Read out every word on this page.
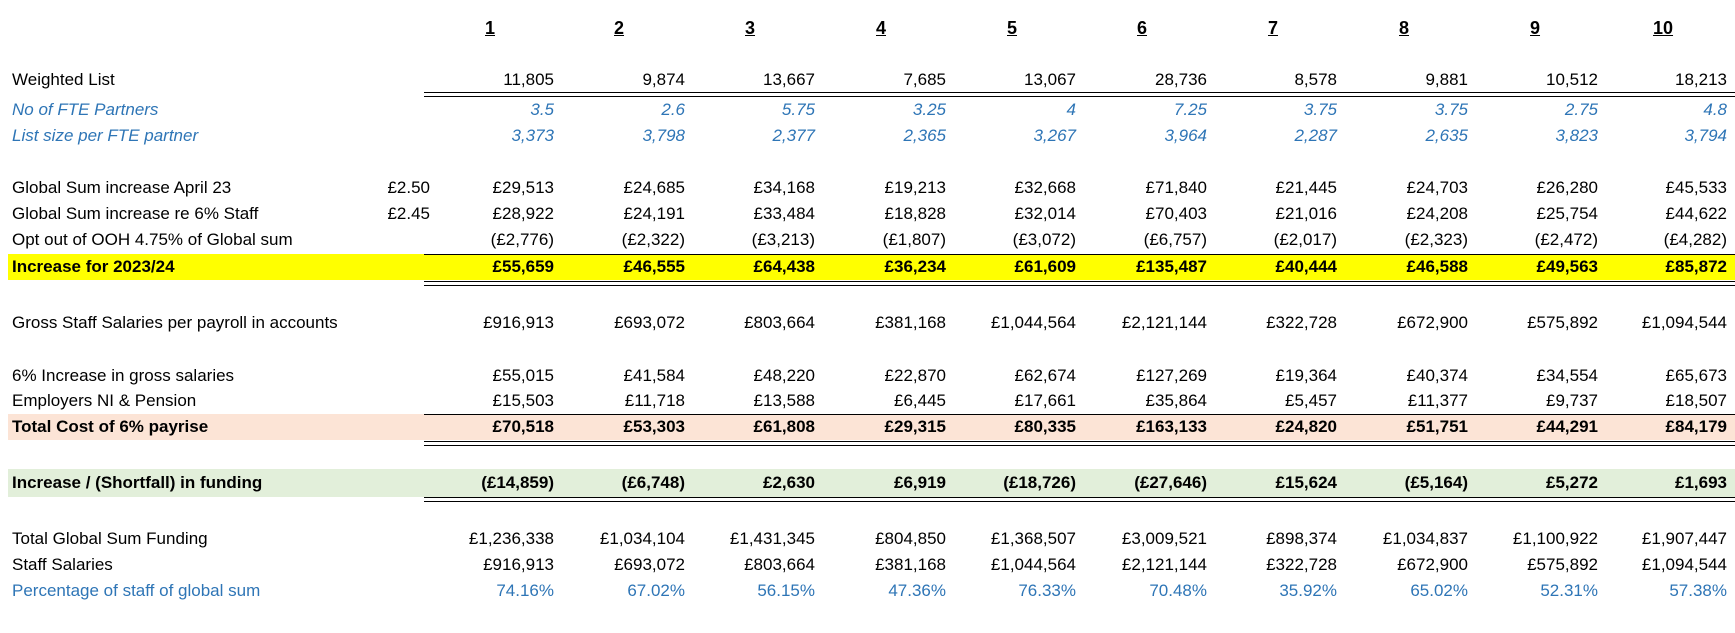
1	2	3	4	5	6	7	8	9	10
Weighted List	11,805	9,874	13,667	7,685	13,067	28,736	8,578	9,881	10,512	18,213
No of FTE Partners	3.5	2.6	5.75	3.25	4	7.25	3.75	3.75	2.75	4.8
List size per FTE partner	3,373	3,798	2,377	2,365	3,267	3,964	2,287	2,635	3,823	3,794
Global Sum increase April 23	£2.50	£29,513	£24,685	£34,168	£19,213	£32,668	£71,840	£21,445	£24,703	£26,280	£45,533
Global Sum increase re 6% Staff	£2.45	£28,922	£24,191	£33,484	£18,828	£32,014	£70,403	£21,016	£24,208	£25,754	£44,622
Opt out of OOH 4.75% of Global sum	(£2,776)	(£2,322)	(£3,213)	(£1,807)	(£3,072)	(£6,757)	(£2,017)	(£2,323)	(£2,472)	(£4,282)
Increase for 2023/24	£55,659	£46,555	£64,438	£36,234	£61,609	£135,487	£40,444	£46,588	£49,563	£85,872
Gross Staff Salaries per payroll in accounts	£916,913	£693,072	£803,664	£381,168	£1,044,564	£2,121,144	£322,728	£672,900	£575,892	£1,094,544
6% Increase in gross salaries	£55,015	£41,584	£48,220	£22,870	£62,674	£127,269	£19,364	£40,374	£34,554	£65,673
Employers NI & Pension	£15,503	£11,718	£13,588	£6,445	£17,661	£35,864	£5,457	£11,377	£9,737	£18,507
Total Cost of 6% payrise	£70,518	£53,303	£61,808	£29,315	£80,335	£163,133	£24,820	£51,751	£44,291	£84,179
Increase / (Shortfall) in funding	(£14,859)	(£6,748)	£2,630	£6,919	(£18,726)	(£27,646)	£15,624	(£5,164)	£5,272	£1,693
Total Global Sum Funding	£1,236,338	£1,034,104	£1,431,345	£804,850	£1,368,507	£3,009,521	£898,374	£1,034,837	£1,100,922	£1,907,447
Staff Salaries	£916,913	£693,072	£803,664	£381,168	£1,044,564	£2,121,144	£322,728	£672,900	£575,892	£1,094,544
Percentage of staff of global sum	74.16%	67.02%	56.15%	47.36%	76.33%	70.48%	35.92%	65.02%	52.31%	57.38%
